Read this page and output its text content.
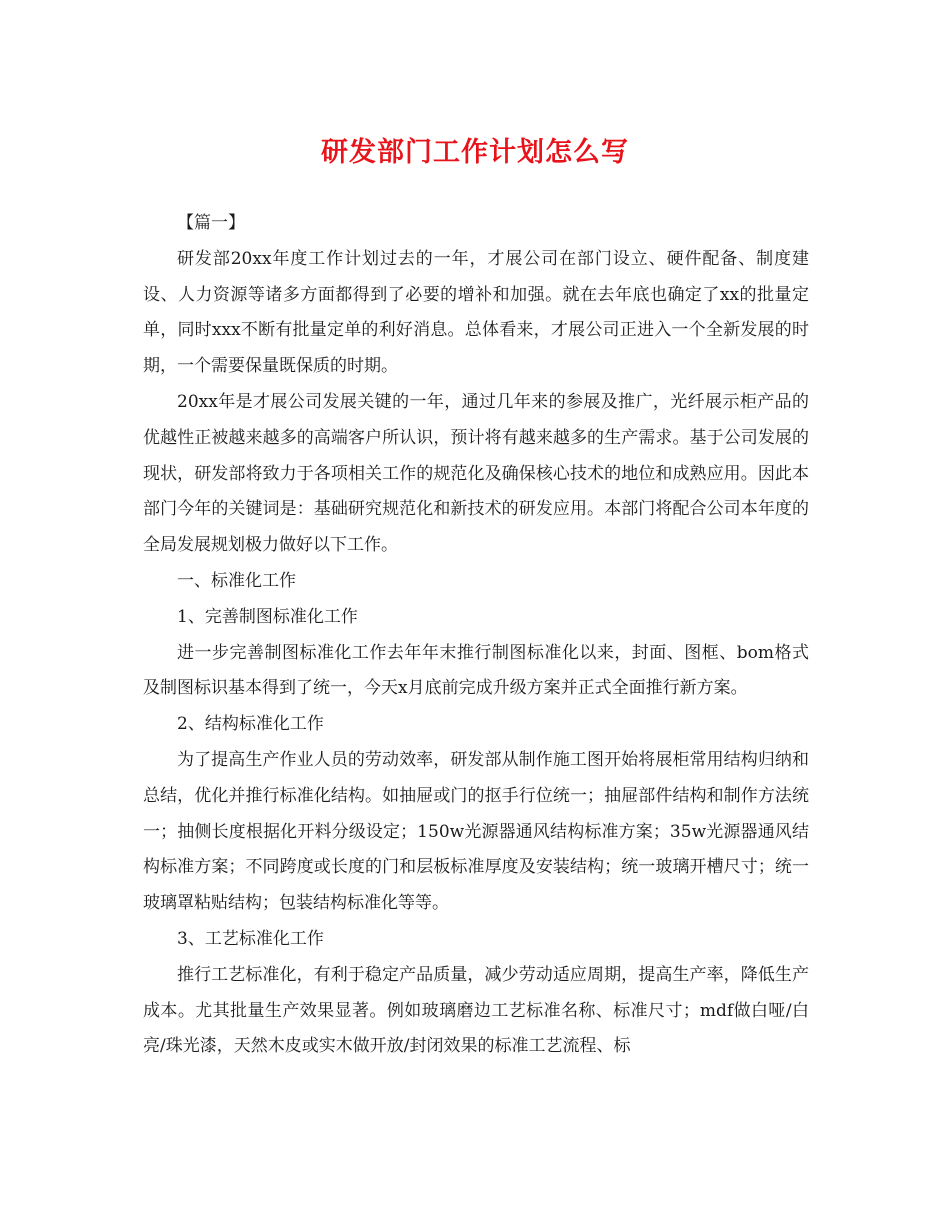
研发部门工作计划怎么写

【篇一】

研发部20xx年度工作计划过去的一年，才展公司在部门设立、硬件配备、制度建设、人力资源等诸多方面都得到了必要的增补和加强。就在去年底也确定了xx的批量定单，同时xxx不断有批量定单的利好消息。总体看来，才展公司正进入一个全新发展的时期，一个需要保量既保质的时期。

20xx年是才展公司发展关键的一年，通过几年来的参展及推广，光纤展示柜产品的优越性正被越来越多的高端客户所认识，预计将有越来越多的生产需求。基于公司发展的现状，研发部将致力于各项相关工作的规范化及确保核心技术的地位和成熟应用。因此本部门今年的关键词是：基础研究规范化和新技术的研发应用。本部门将配合公司本年度的全局发展规划极力做好以下工作。

一、标准化工作

1、完善制图标准化工作

进一步完善制图标准化工作去年年末推行制图标准化以来，封面、图框、bom格式及制图标识基本得到了统一，今天x月底前完成升级方案并正式全面推行新方案。

2、结构标准化工作

为了提高生产作业人员的劳动效率，研发部从制作施工图开始将展柜常用结构归纳和总结，优化并推行标准化结构。如抽屉或门的抠手行位统一；抽屉部件结构和制作方法统一；抽侧长度根据化开料分级设定；150w光源器通风结构标准方案；35w光源器通风结构标准方案；不同跨度或长度的门和层板标准厚度及安装结构；统一玻璃开槽尺寸；统一玻璃罩粘贴结构；包装结构标准化等等。

3、工艺标准化工作

推行工艺标准化，有利于稳定产品质量，减少劳动适应周期，提高生产率，降低生产成本。尤其批量生产效果显著。例如玻璃磨边工艺标准名称、标准尺寸；mdf做白哑/白亮/珠光漆，天然木皮或实木做开放/封闭效果的标准工艺流程、标
